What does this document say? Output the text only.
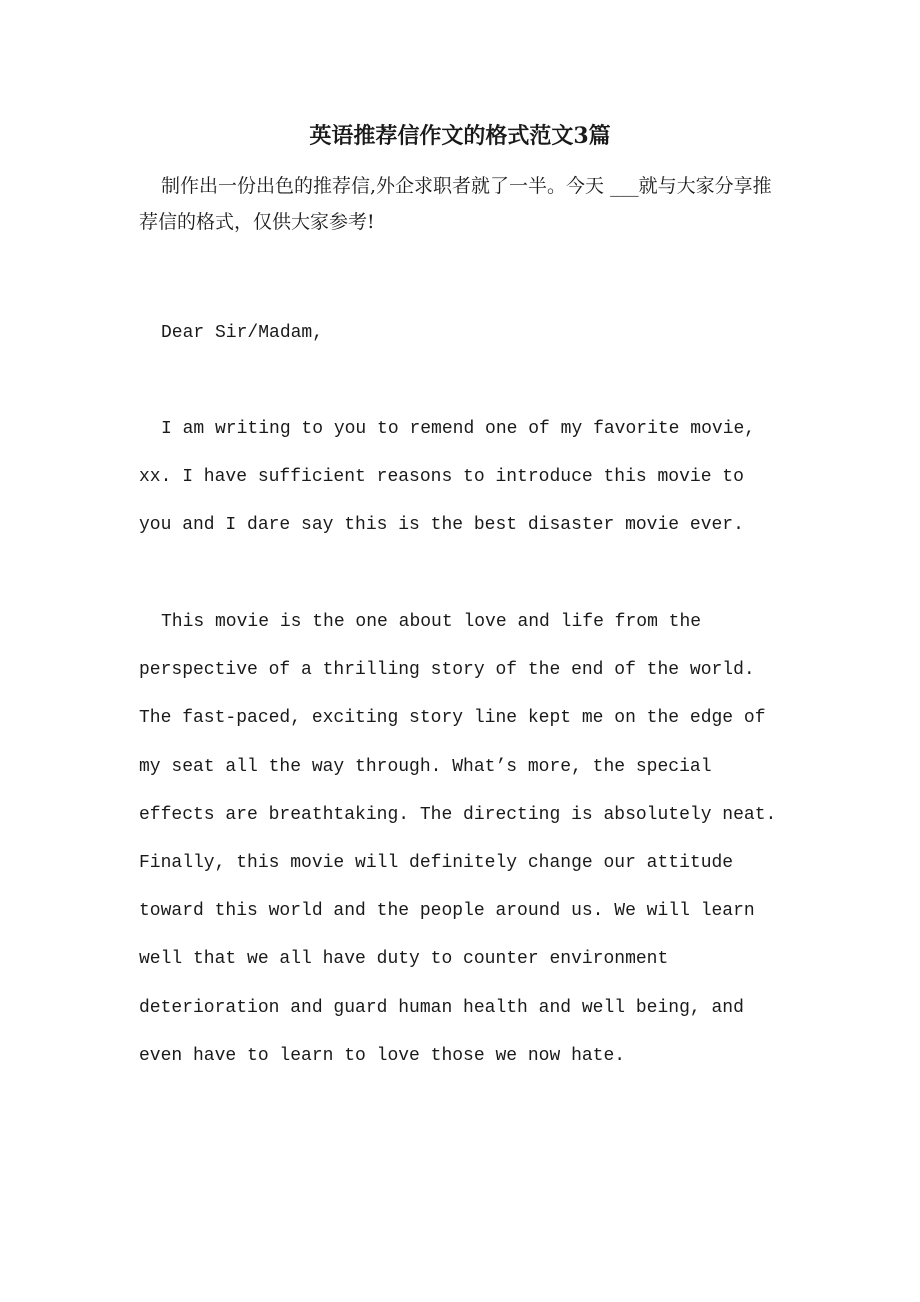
英语推荐信作文的格式范文3篇

制作出一份出色的推荐信,外企求职者就了一半。今天 ___就与大家分享推荐信的格式，仅供大家参考!

Dear Sir/Madam,

I am writing to you to remend one of my favorite movie,
xx. I have sufficient reasons to introduce this movie to
you and I dare say this is the best disaster movie ever.

This movie is the one about love and life from the
perspective of a thrilling story of the end of the world.
The fast-paced, exciting story line kept me on the edge of
my seat all the way through. What’s more, the special
effects are breathtaking. The directing is absolutely neat.
Finally, this movie will definitely change our attitude
toward this world and the people around us. We will learn
well that we all have duty to counter environment
deterioration and guard human health and well being, and
even have to learn to love those we now hate.
